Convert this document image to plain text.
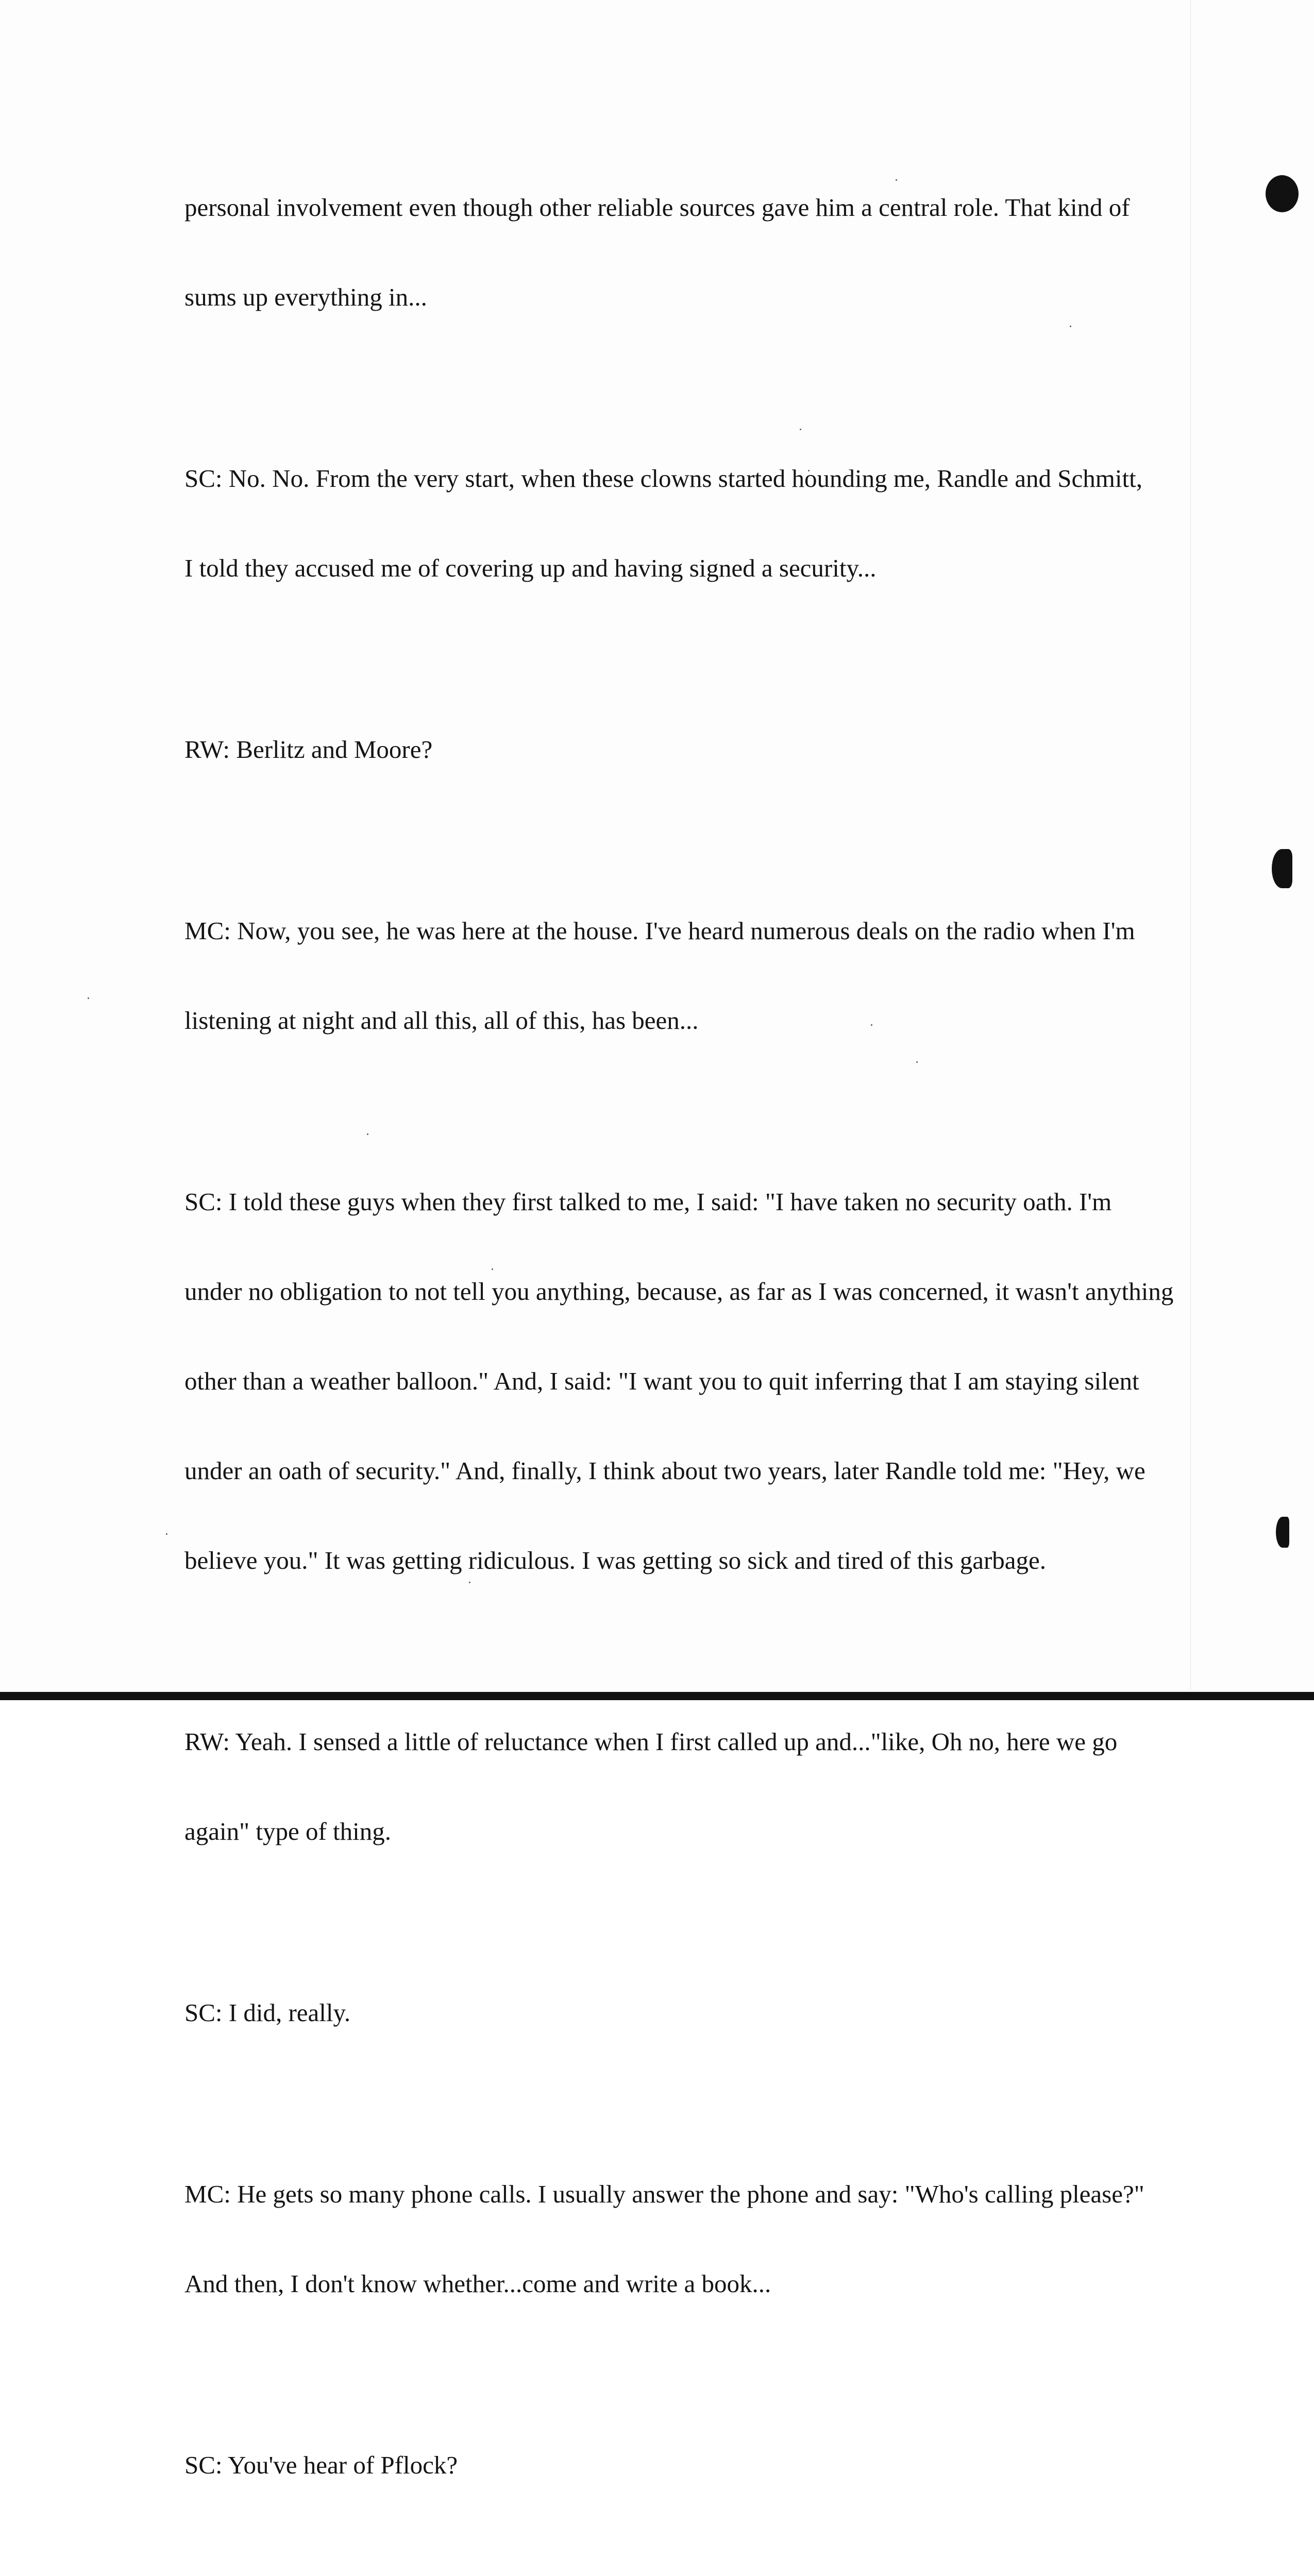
personal involvement even though other reliable sources gave him a central role. That kind of

sums up everything in...

SC: No. No. From the very start, when these clowns started hounding me, Randle and Schmitt,

I told they accused me of covering up and having signed a security...

RW: Berlitz and Moore?

MC: Now, you see, he was here at the house. I've heard numerous deals on the radio when I'm

listening at night and all this, all of this, has been...

SC: I told these guys when they first talked to me, I said: "I have taken no security oath. I'm

under no obligation to not tell you anything, because, as far as I was concerned, it wasn't anything

other than a weather balloon." And, I said: "I want you to quit inferring that I am staying silent

under an oath of security." And, finally, I think about two years, later Randle told me: "Hey, we

believe you." It was getting ridiculous. I was getting so sick and tired of this garbage.

RW: Yeah. I sensed a little of reluctance when I first called up and..."like, Oh no, here we go

again" type of thing.

SC: I did, really.

MC: He gets so many phone calls. I usually answer the phone and say: "Who's calling please?"

And then, I don't know whether...come and write a book...

SC: You've hear of Pflock?
